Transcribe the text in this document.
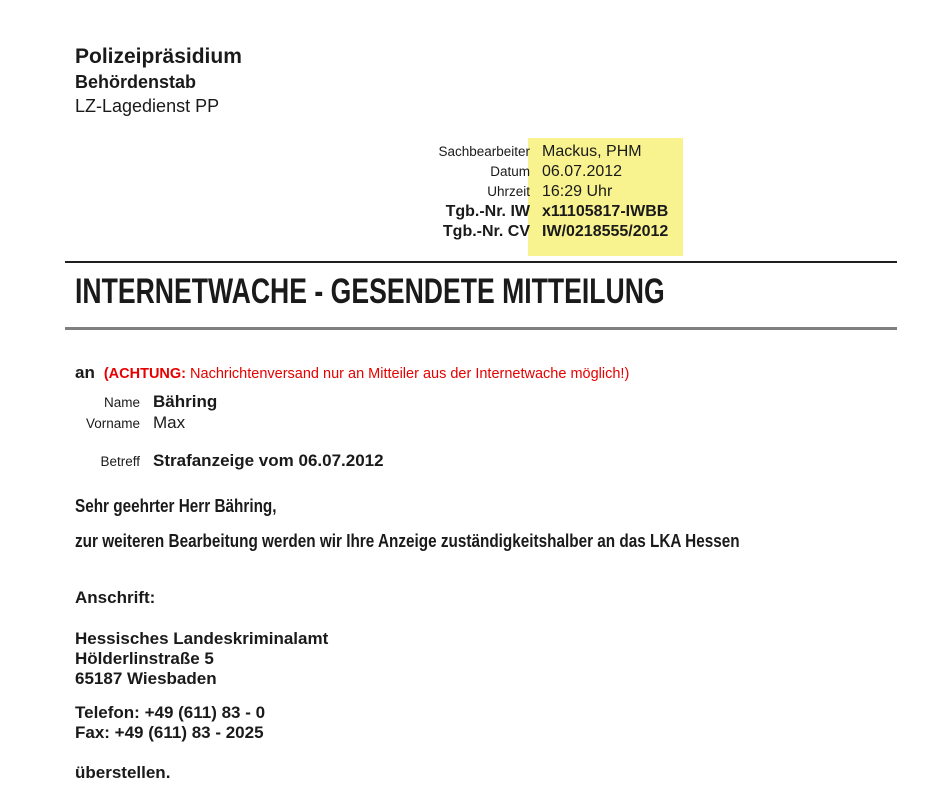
Polizeipräsidium
Behördenstab
LZ-Lagedienst PP
Sachbearbeiter Mackus, PHM
Datum 06.07.2012
Uhrzeit 16:29 Uhr
Tgb.-Nr. IW x11105817-IWBB
Tgb.-Nr. CV IW/0218555/2012
INTERNETWACHE - GESENDETE MITTEILUNG
an (ACHTUNG: Nachrichtenversand nur an Mitteiler aus der Internetwache möglich!)
Name Bähring
Vorname Max
Betreff Strafanzeige vom 06.07.2012
Sehr geehrter Herr Bähring,
zur weiteren Bearbeitung werden wir Ihre Anzeige zuständigkeitshalber an das LKA Hessen
Anschrift:
Hessisches Landeskriminalamt
Hölderlinstraße 5
65187 Wiesbaden
Telefon: +49 (611) 83 - 0
Fax: +49 (611) 83 - 2025
überstellen.
